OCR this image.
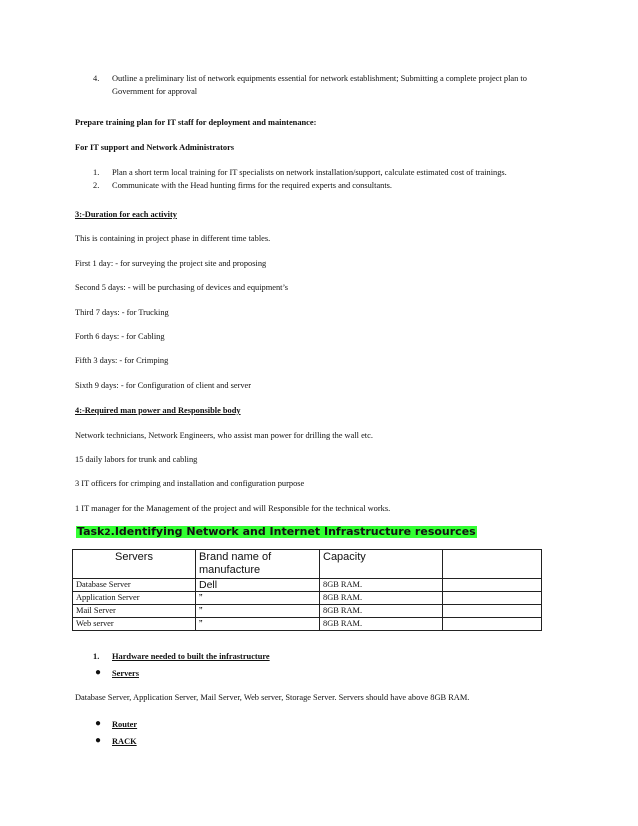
4. Outline a preliminary list of network equipments essential for network establishment; Submitting a complete project plan to
Government for approval
Prepare training plan for IT staff for deployment and maintenance:
For IT support and Network Administrators
1. Plan a short term local training for IT specialists on network installation/support, calculate estimated cost of trainings.
2. Communicate with the Head hunting firms for the required experts and consultants.
3:-Duration for each activity
This is containing in project phase in different time tables.
First 1 day: - for surveying the project site and proposing
Second 5 days: - will be purchasing of devices and equipment’s
Third 7 days: - for Trucking
Forth 6 days: - for Cabling
Fifth 3 days: - for Crimping
Sixth 9 days: - for Configuration of client and server
4:-Required man power and Responsible body
Network technicians, Network Engineers, who assist man power for drilling the wall etc.
15 daily labors for trunk and cabling
3 IT officers for crimping and installation and configuration purpose
1 IT manager for the Management of the project and will Responsible for the technical works.
Task2.Identifying Network and Internet Infrastructure resources
Servers	Brand name of manufacture	Capacity	
Database Server	Dell	8GB RAM.	
Application Server	”	8GB RAM.	
Mail Server	”	8GB RAM.	
Web server	”	8GB RAM.	
1. Hardware needed to built the infrastructure
● Servers
Database Server, Application Server, Mail Server, Web server, Storage Server. Servers should have above 8GB RAM.
● Router
● RACK
